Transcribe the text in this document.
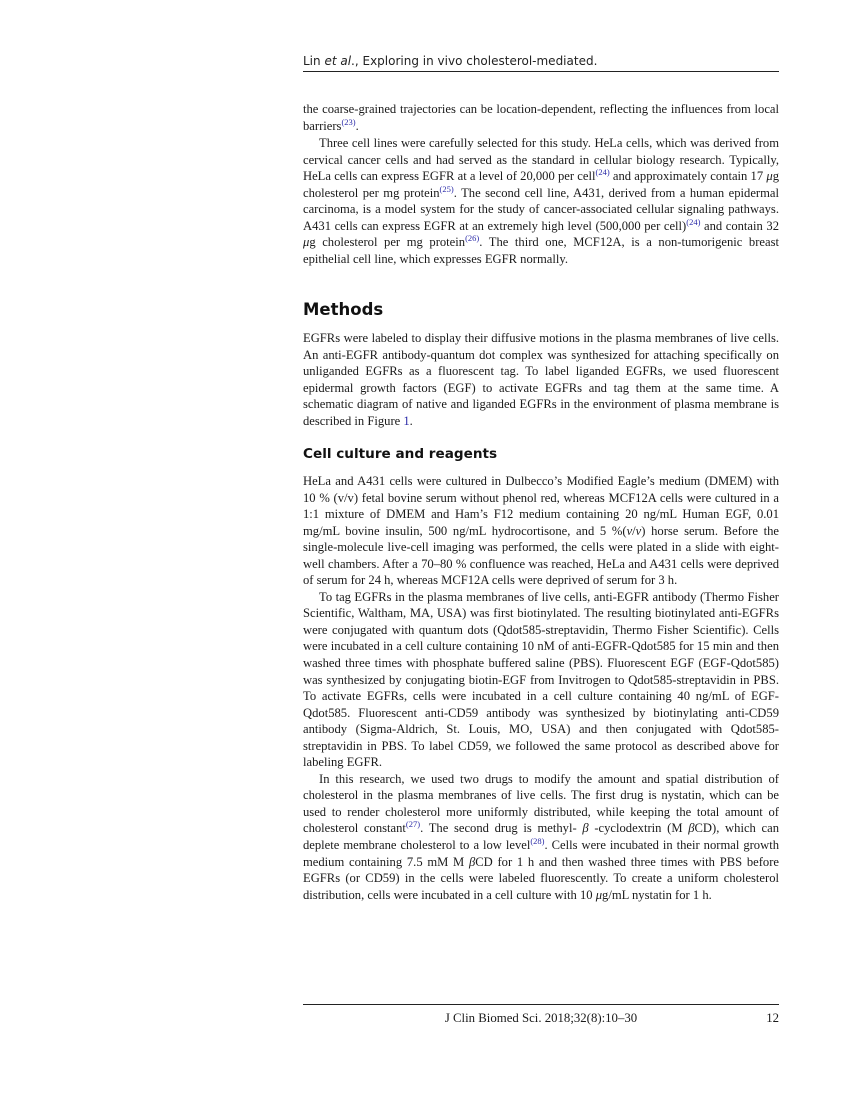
Lin et al., Exploring in vivo cholesterol-mediated.

the coarse-grained trajectories can be location-dependent, reflecting the influences from local barriers$^{(23)}$.

Three cell lines were carefully selected for this study. HeLa cells, which was derived from cervical cancer cells and had served as the standard in cellular biology research. Typically, HeLa cells can express EGFR at a level of 20,000 per cell$^{(24)}$ and approximately contain 17 μg cholesterol per mg protein$^{(25)}$. The second cell line, A431, derived from a human epidermal carcinoma, is a model system for the study of cancer-associated cellular signaling pathways. A431 cells can express EGFR at an extremely high level (500,000 per cell)$^{(24)}$ and contain 32 μg cholesterol per mg protein$^{(26)}$. The third one, MCF12A, is a non-tumorigenic breast epithelial cell line, which expresses EGFR normally.

Methods

EGFRs were labeled to display their diffusive motions in the plasma membranes of live cells. An anti-EGFR antibody-quantum dot complex was synthesized for attaching specifically on unliganded EGFRs as a fluorescent tag. To label liganded EGFRs, we used fluorescent epidermal growth factors (EGF) to activate EGFRs and tag them at the same time. A schematic diagram of native and liganded EGFRs in the environment of plasma membrane is described in Figure 1.

Cell culture and reagents

HeLa and A431 cells were cultured in Dulbecco’s Modified Eagle’s medium (DMEM) with 10 % (v/v) fetal bovine serum without phenol red, whereas MCF12A cells were cultured in a 1:1 mixture of DMEM and Ham’s F12 medium containing 20 ng/mL Human EGF, 0.01 mg/mL bovine insulin, 500 ng/mL hydrocortisone, and 5 %(v/v) horse serum. Before the single-molecule live-cell imaging was performed, the cells were plated in a slide with eight-well chambers. After a 70–80 % confluence was reached, HeLa and A431 cells were deprived of serum for 24 h, whereas MCF12A cells were deprived of serum for 3 h.

To tag EGFRs in the plasma membranes of live cells, anti-EGFR antibody (Thermo Fisher Scientific, Waltham, MA, USA) was first biotinylated. The resulting biotinylated anti-EGFRs were conjugated with quantum dots (Qdot585-streptavidin, Thermo Fisher Scientific). Cells were incubated in a cell culture containing 10 nM of anti-EGFR-Qdot585 for 15 min and then washed three times with phosphate buffered saline (PBS). Fluorescent EGF (EGF-Qdot585) was synthesized by conjugating biotin-EGF from Invitrogen to Qdot585-streptavidin in PBS. To activate EGFRs, cells were incubated in a cell culture containing 40 ng/mL of EGF-Qdot585. Fluorescent anti-CD59 antibody was synthesized by biotinylating anti-CD59 antibody (Sigma-Aldrich, St. Louis, MO, USA) and then conjugated with Qdot585-streptavidin in PBS. To label CD59, we followed the same protocol as described above for labeling EGFR.

In this research, we used two drugs to modify the amount and spatial distribution of cholesterol in the plasma membranes of live cells. The first drug is nystatin, which can be used to render cholesterol more uniformly distributed, while keeping the total amount of cholesterol constant$^{(27)}$. The second drug is methyl- β -cyclodextrin (M βCD), which can deplete membrane cholesterol to a low level$^{(28)}$. Cells were incubated in their normal growth medium containing 7.5 mM M βCD for 1 h and then washed three times with PBS before EGFRs (or CD59) in the cells were labeled fluorescently. To create a uniform cholesterol distribution, cells were incubated in a cell culture with 10 μg/mL nystatin for 1 h.

J Clin Biomed Sci. 2018;32(8):10–30	12
